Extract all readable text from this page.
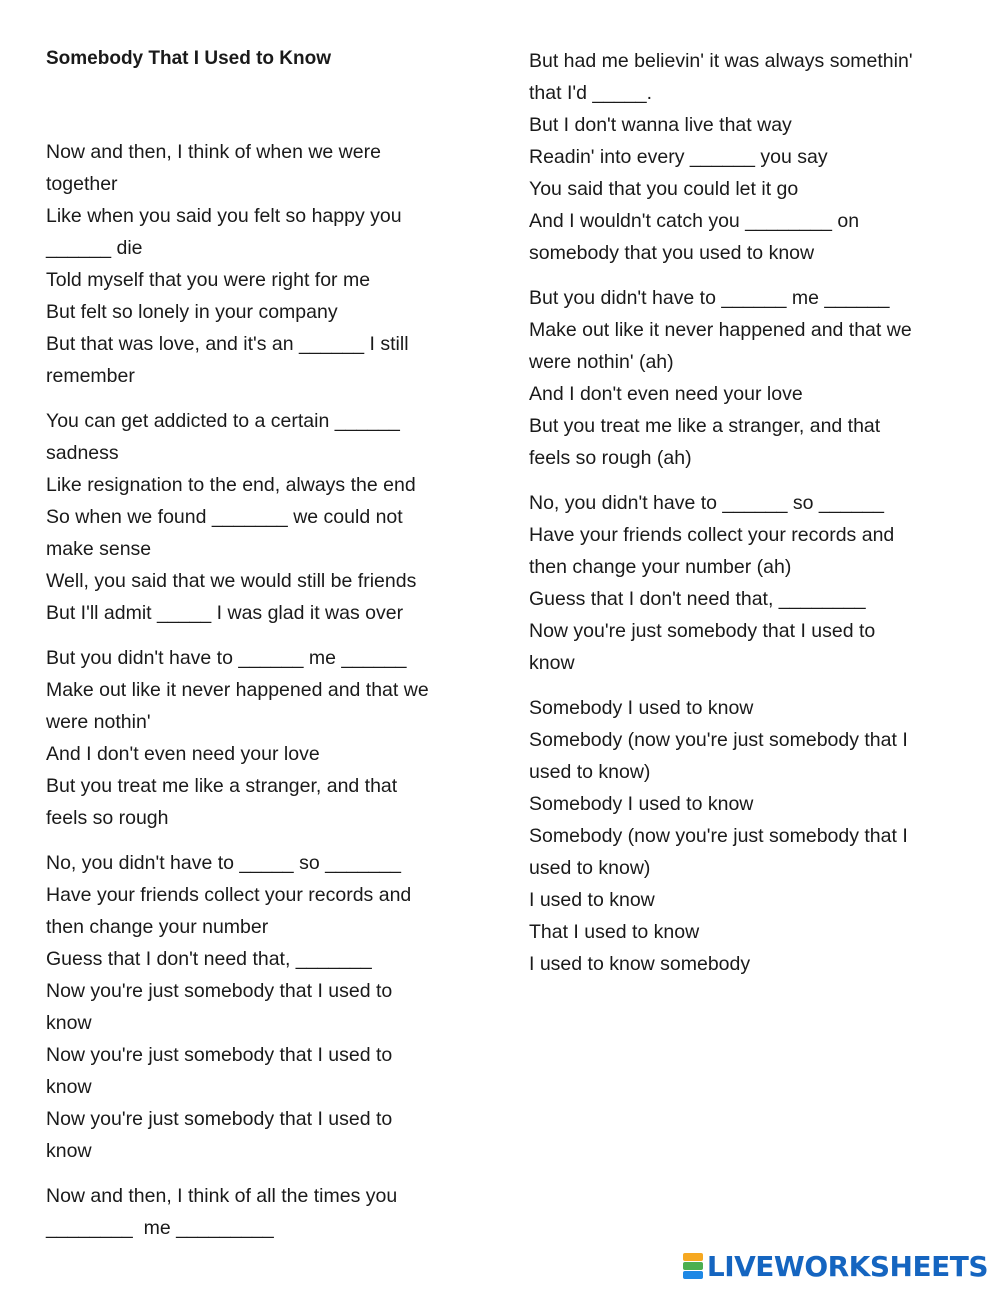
Somebody That I Used to Know
Now and then, I think of when we were
together
Like when you said you felt so happy you
______ die
Told myself that you were right for me
But felt so lonely in your company
But that was love, and it's an ______ I still
remember
You can get addicted to a certain ______
sadness
Like resignation to the end, always the end
So when we found _______ we could not
make sense
Well, you said that we would still be friends
But I'll admit _____ I was glad it was over
But you didn't have to ______ me ______
Make out like it never happened and that we
were nothin'
And I don't even need your love
But you treat me like a stranger, and that
feels so rough
No, you didn't have to _____ so _______
Have your friends collect your records and
then change your number
Guess that I don't need that, _______
Now you're just somebody that I used to
know
Now you're just somebody that I used to
know
Now you're just somebody that I used to
know
Now and then, I think of all the times you
________  me _________
But had me believin' it was always somethin'
that I'd _____.
But I don't wanna live that way
Readin' into every ______ you say
You said that you could let it go
And I wouldn't catch you ________ on
somebody that you used to know
But you didn't have to ______ me ______
Make out like it never happened and that we
were nothin' (ah)
And I don't even need your love
But you treat me like a stranger, and that
feels so rough (ah)
No, you didn't have to ______ so ______
Have your friends collect your records and
then change your number (ah)
Guess that I don't need that, ________
Now you're just somebody that I used to
know
Somebody I used to know
Somebody (now you're just somebody that I
used to know)
Somebody I used to know
Somebody (now you're just somebody that I
used to know)
I used to know
That I used to know
I used to know somebody
LIVEWORKSHEETS
